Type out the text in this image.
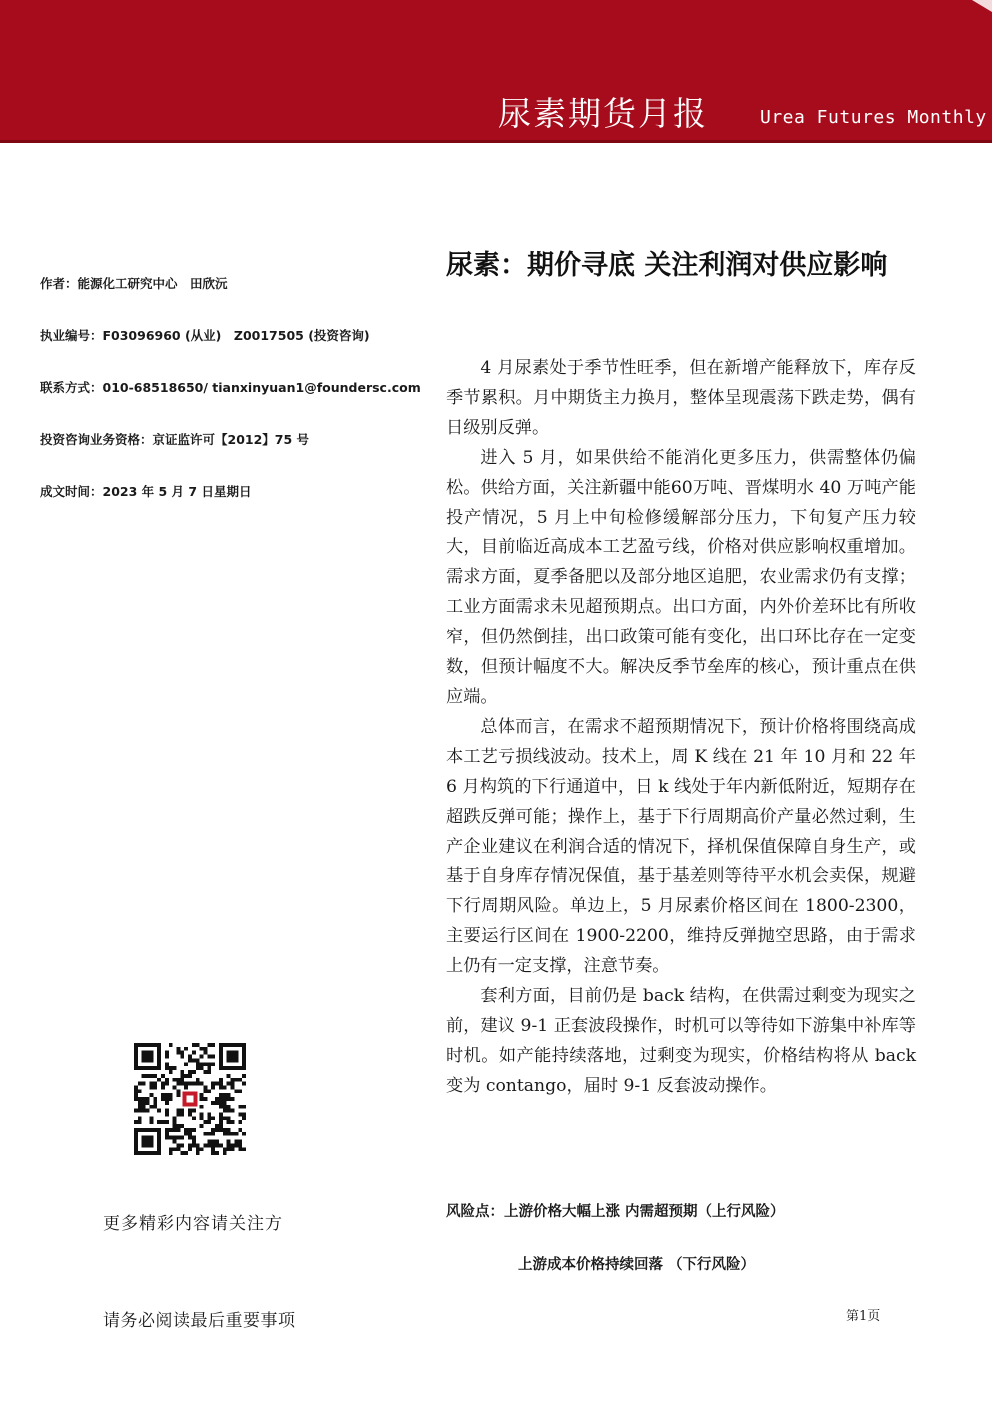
尿素期货月报	Urea Futures Monthly
作者：能源化工研究中心　田欣沅
执业编号：F03096960 (从业)　Z0017505 (投资咨询)
联系方式：010-68518650/ tianxinyuan1@foundersc.com
投资咨询业务资格：京证监许可【2012】75 号
成文时间：2023 年 5 月 7 日星期日
尿素：期价寻底 关注利润对供应影响

4 月尿素处于季节性旺季，但在新增产能释放下，库存反季节累积。月中期货主力换月，整体呈现震荡下跌走势，偶有日级别反弹。

进入 5 月，如果供给不能消化更多压力，供需整体仍偏松。供给方面，关注新疆中能60万吨、晋煤明水 40 万吨产能投产情况，5 月上中旬检修缓解部分压力，下旬复产压力较大，目前临近高成本工艺盈亏线，价格对供应影响权重增加。需求方面，夏季备肥以及部分地区追肥，农业需求仍有支撑；工业方面需求未见超预期点。出口方面，内外价差环比有所收窄，但仍然倒挂，出口政策可能有变化，出口环比存在一定变数，但预计幅度不大。解决反季节垒库的核心，预计重点在供应端。

总体而言，在需求不超预期情况下，预计价格将围绕高成本工艺亏损线波动。技术上，周 K 线在 21 年 10 月和 22 年 6 月构筑的下行通道中，日 k 线处于年内新低附近，短期存在超跌反弹可能；操作上，基于下行周期高价产量必然过剩，生产企业建议在利润合适的情况下，择机保值保障自身生产，或基于自身库存情况保值，基于基差则等待平水机会卖保，规避下行周期风险。单边上，5 月尿素价格区间在 1800-2300，主要运行区间在 1900-2200，维持反弹抛空思路，由于需求上仍有一定支撑，注意节奏。

套利方面，目前仍是 back 结构，在供需过剩变为现实之前，建议 9-1 正套波段操作，时机可以等待如下游集中补库等时机。如产能持续落地，过剩变为现实，价格结构将从 back 变为 contango，届时 9-1 反套波动操作。

风险点：上游价格大幅上涨 内需超预期（上行风险）
上游成本价格持续回落 （下行风险）
更多精彩内容请关注方
请务必阅读最后重要事项	第1页
